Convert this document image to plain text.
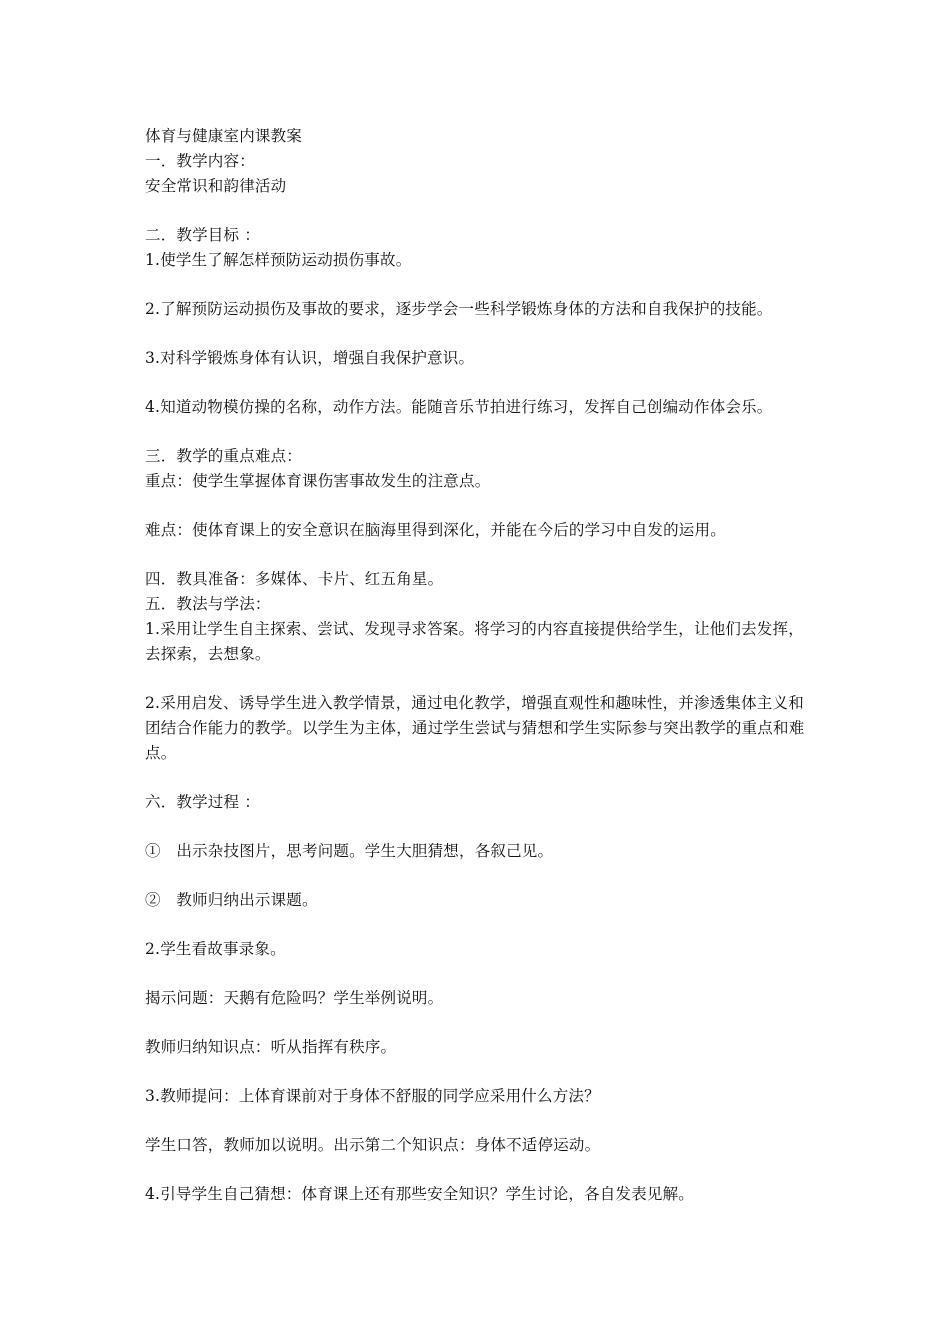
体育与健康室内课教案
一．教学内容：
安全常识和韵律活动
二．教学目标 ：
1.使学生了解怎样预防运动损伤事故。
2.了解预防运动损伤及事故的要求，逐步学会一些科学锻炼身体的方法和自我保护的技能。
3.对科学锻炼身体有认识，增强自我保护意识。
4.知道动物模仿操的名称，动作方法。能随音乐节拍进行练习，发挥自己创编动作体会乐。
三．教学的重点难点：
重点：使学生掌握体育课伤害事故发生的注意点。
难点：使体育课上的安全意识在脑海里得到深化，并能在今后的学习中自发的运用。
四．教具准备：多媒体、卡片、红五角星。
五．教法与学法：
1.采用让学生自主探索、尝试、发现寻求答案。将学习的内容直接提供给学生，让他们去发挥，去探索，去想象。
2.采用启发、诱导学生进入教学情景，通过电化教学，增强直观性和趣味性，并渗透集体主义和团结合作能力的教学。以学生为主体，通过学生尝试与猜想和学生实际参与突出教学的重点和难点。
六．教学过程 ：
①　出示杂技图片，思考问题。学生大胆猜想，各叙己见。
②　教师归纳出示课题。
2.学生看故事录象。
揭示问题：天鹅有危险吗？学生举例说明。
教师归纳知识点：听从指挥有秩序。
3.教师提问：上体育课前对于身体不舒服的同学应采用什么方法？
学生口答，教师加以说明。出示第二个知识点：身体不适停运动。
4.引导学生自己猜想：体育课上还有那些安全知识？学生讨论，各自发表见解。
